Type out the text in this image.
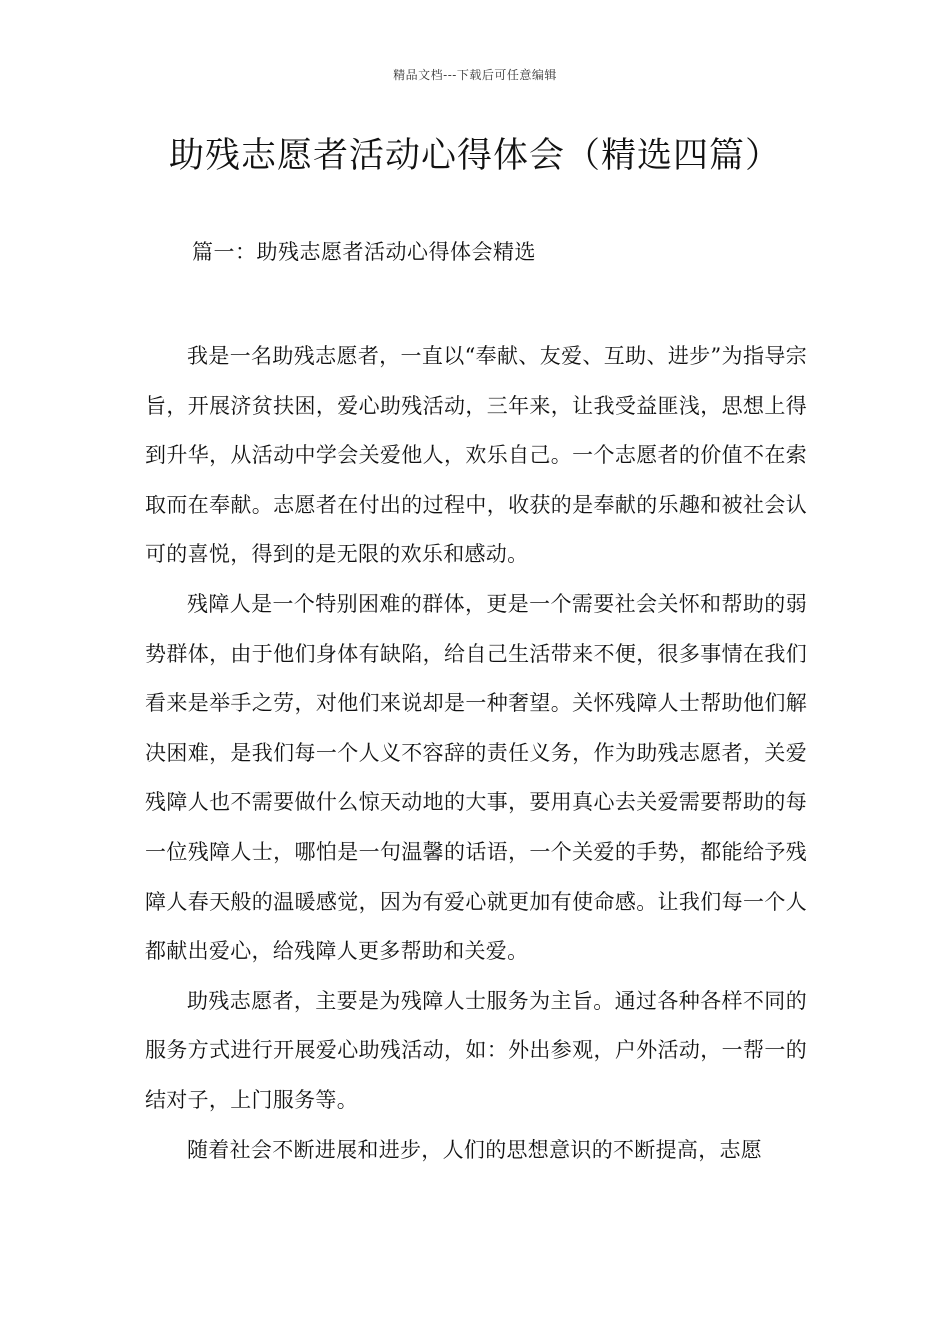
精品文档---下载后可任意编辑
助残志愿者活动心得体会（精选四篇）
篇一：助残志愿者活动心得体会精选

我是一名助残志愿者，一直以“奉献、友爱、互助、进步”为指导宗旨，开展济贫扶困，爱心助残活动，三年来，让我受益匪浅，思想上得到升华，从活动中学会关爱他人，欢乐自己。一个志愿者的价值不在索取而在奉献。志愿者在付出的过程中，收获的是奉献的乐趣和被社会认可的喜悦，得到的是无限的欢乐和感动。

残障人是一个特别困难的群体，更是一个需要社会关怀和帮助的弱势群体，由于他们身体有缺陷，给自己生活带来不便，很多事情在我们看来是举手之劳，对他们来说却是一种奢望。关怀残障人士帮助他们解决困难，是我们每一个人义不容辞的责任义务，作为助残志愿者，关爱残障人也不需要做什么惊天动地的大事，要用真心去关爱需要帮助的每一位残障人士，哪怕是一句温馨的话语，一个关爱的手势，都能给予残障人春天般的温暖感觉，因为有爱心就更加有使命感。让我们每一个人都献出爱心，给残障人更多帮助和关爱。

助残志愿者，主要是为残障人士服务为主旨。通过各种各样不同的服务方式进行开展爱心助残活动，如：外出参观，户外活动，一帮一的结对子，上门服务等。

随着社会不断进展和进步，人们的思想意识的不断提高，志愿
